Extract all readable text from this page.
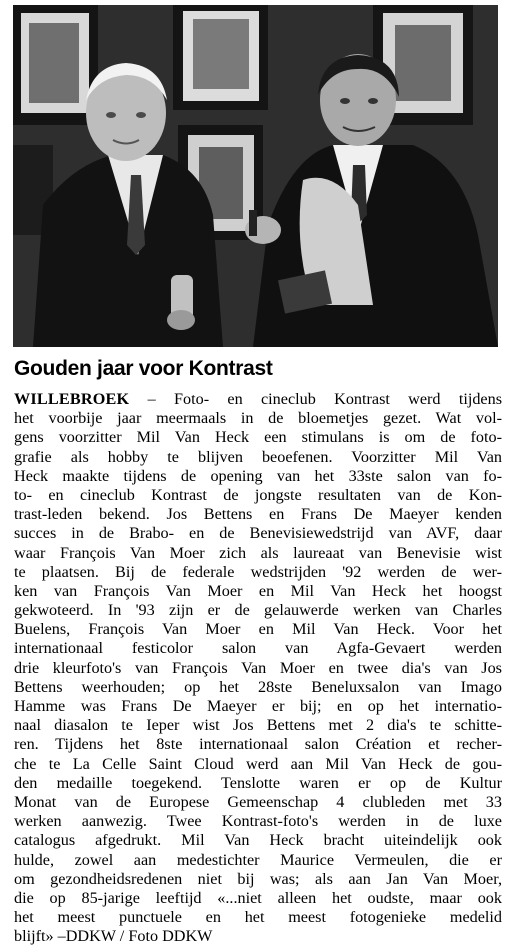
Gouden jaar voor Kontrast
WILLEBROEK – Foto- en cineclub Kontrast werd tijdens
het voorbije jaar meermaals in de bloemetjes gezet. Wat vol-
gens voorzitter Mil Van Heck een stimulans is om de foto-
grafie als hobby te blijven beoefenen. Voorzitter Mil Van
Heck maakte tijdens de opening van het 33ste salon van fo-
to- en cineclub Kontrast de jongste resultaten van de Kon-
trast-leden bekend. Jos Bettens en Frans De Maeyer kenden
succes in de Brabo- en de Benevisiewedstrijd van AVF, daar
waar François Van Moer zich als laureaat van Benevisie wist
te plaatsen. Bij de federale wedstrijden '92 werden de wer-
ken van François Van Moer en Mil Van Heck het hoogst
gekwoteerd. In '93 zijn er de gelauwerde werken van Charles
Buelens, François Van Moer en Mil Van Heck. Voor het
internationaal festicolor salon van Agfa-Gevaert werden
drie kleurfoto's van François Van Moer en twee dia's van Jos
Bettens weerhouden; op het 28ste Beneluxsalon van Imago
Hamme was Frans De Maeyer er bij; en op het internatio-
naal diasalon te Ieper wist Jos Bettens met 2 dia's te schitte-
ren. Tijdens het 8ste internationaal salon Création et recher-
che te La Celle Saint Cloud werd aan Mil Van Heck de gou-
den medaille toegekend. Tenslotte waren er op de Kultur
Monat van de Europese Gemeenschap 4 clubleden met 33
werken aanwezig. Twee Kontrast-foto's werden in de luxe
catalogus afgedrukt. Mil Van Heck bracht uiteindelijk ook
hulde, zowel aan medestichter Maurice Vermeulen, die er
om gezondheidsredenen niet bij was; als aan Jan Van Moer,
die op 85-jarige leeftijd «...niet alleen het oudste, maar ook
het meest punctuele en het meest fotogenieke medelid
blijft» –DDKW / Foto DDKW
